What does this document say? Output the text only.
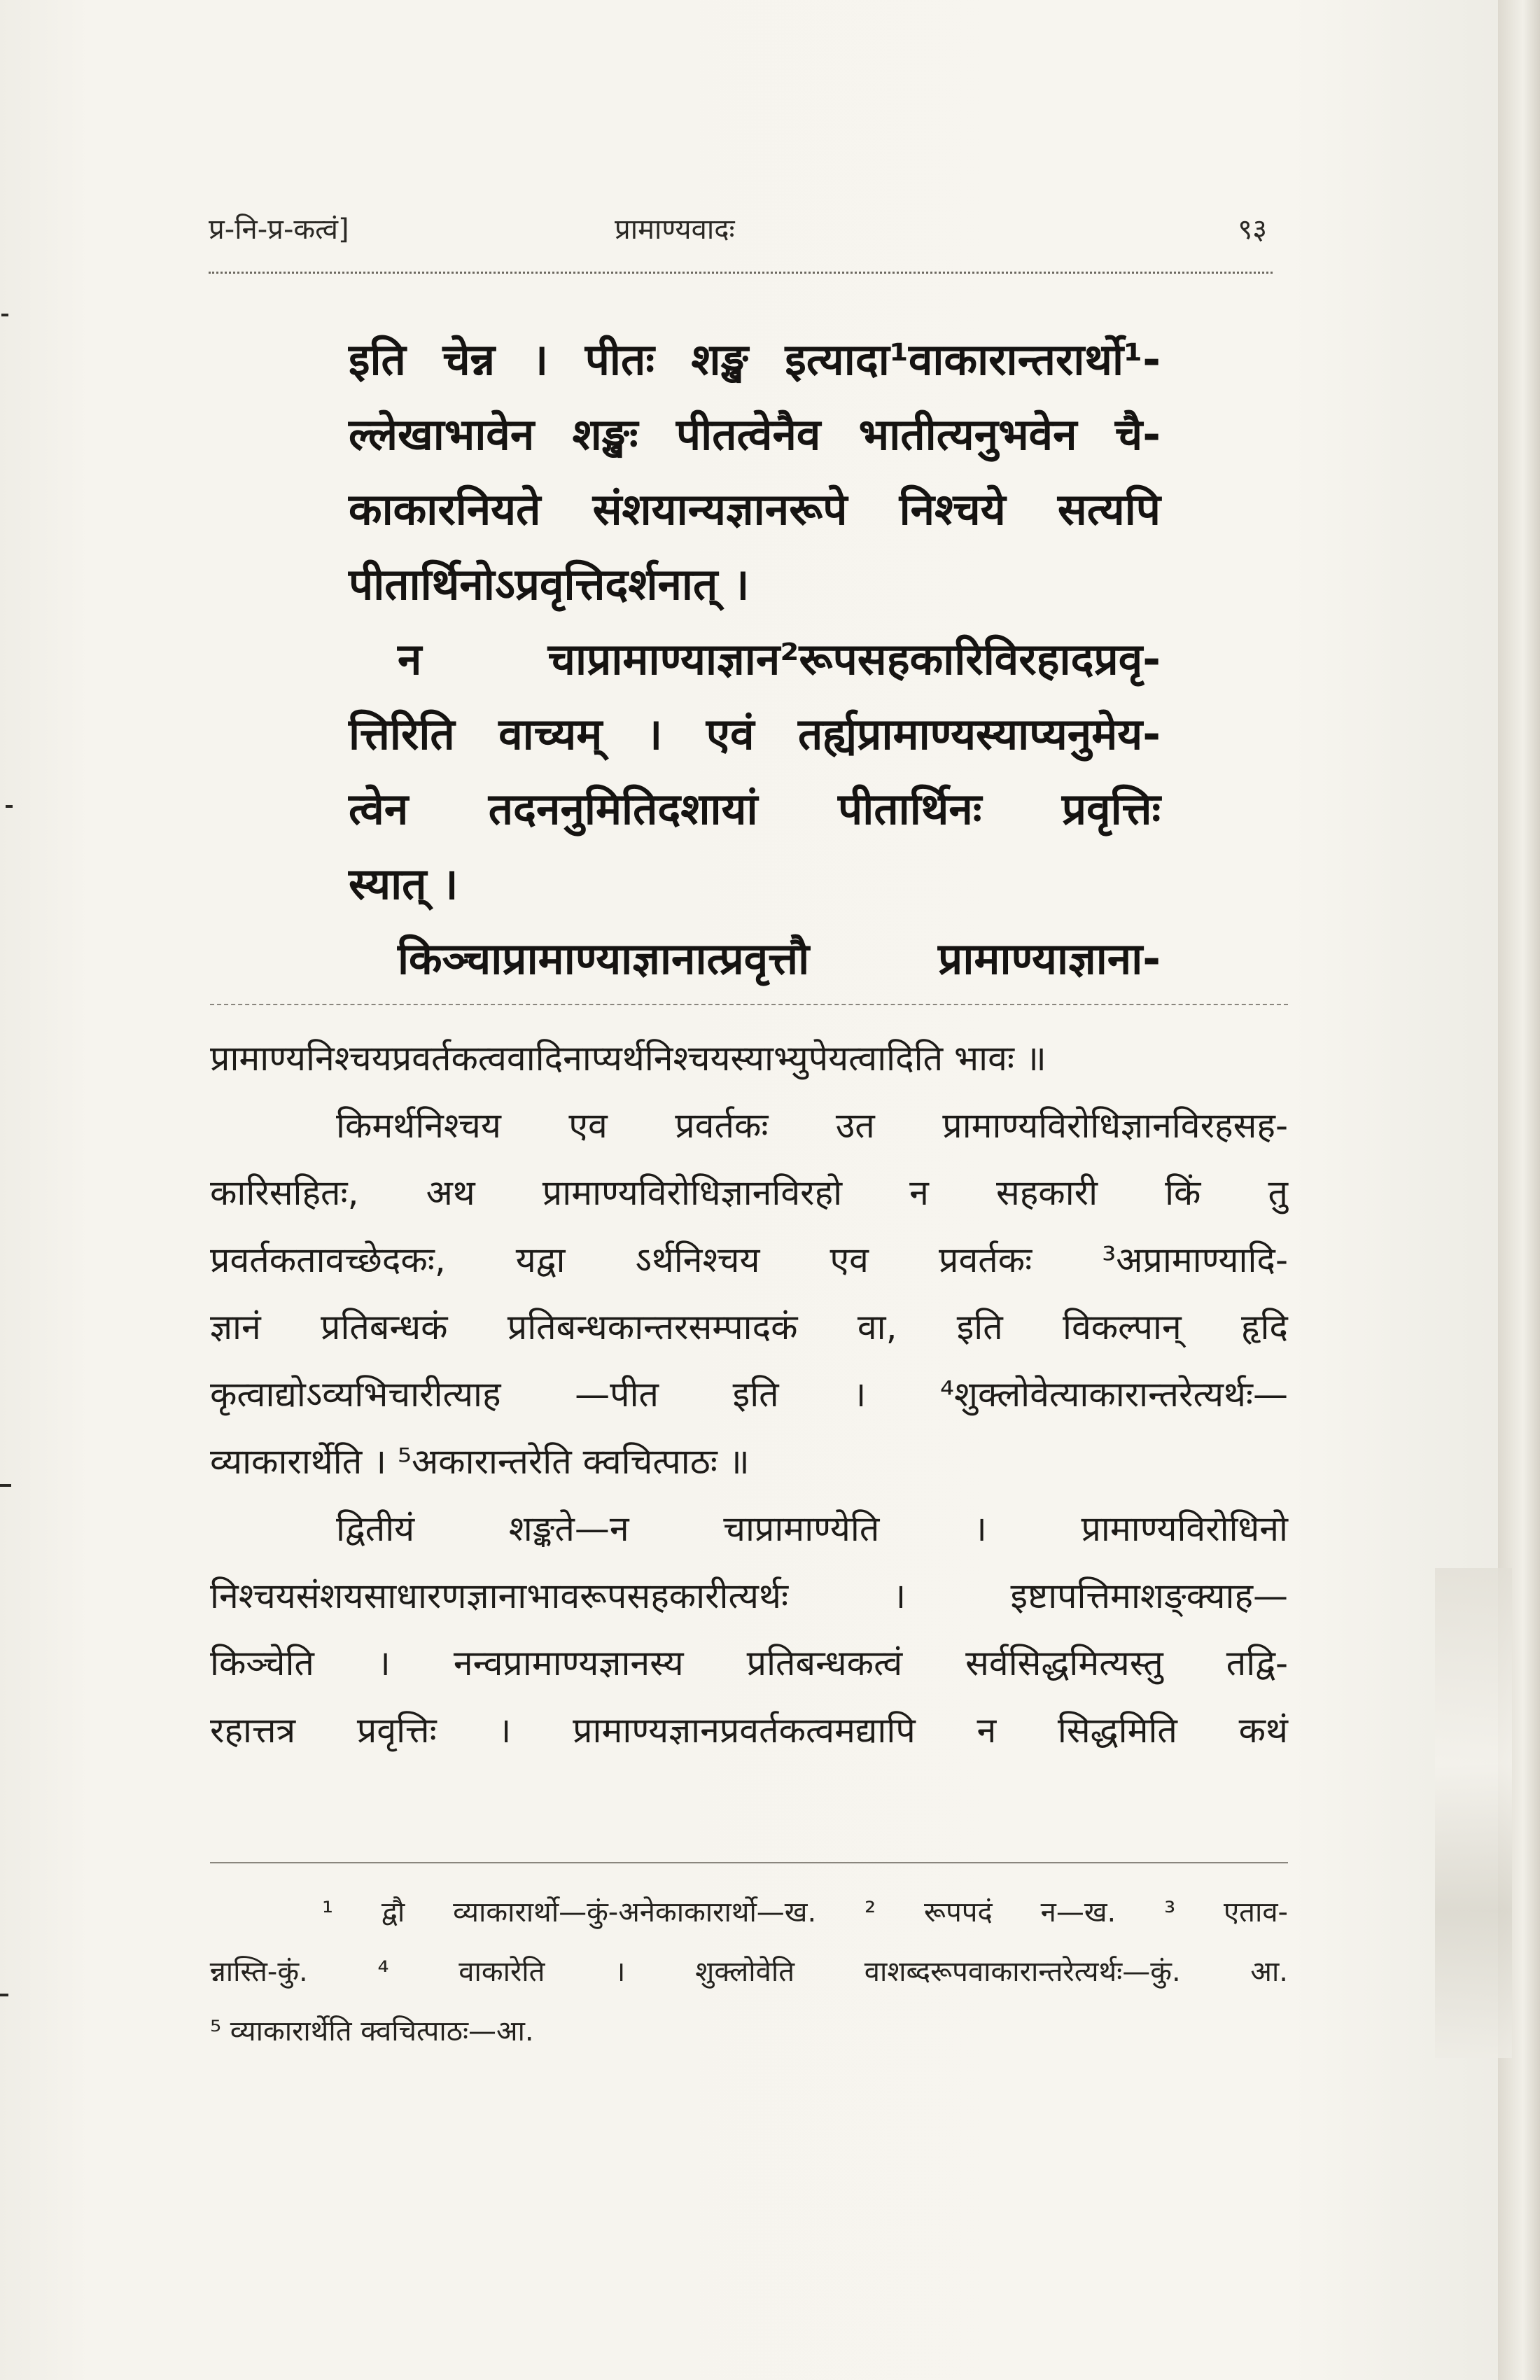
प्र-नि-प्र-कत्वं]	प्रामाण्यवादः	९३

इति चेन्न । पीतः शङ्ख इत्यादा¹वाकारान्तरार्थो¹-

ल्लेखाभावेन शङ्खः पीतत्वेनैव भातीत्यनुभवेन चै-

काकारनियते संशयान्यज्ञानरूपे निश्चये सत्यपि

पीतार्थिनोऽप्रवृत्तिदर्शनात् ।

न चाप्रामाण्याज्ञान²रूपसहकारिविरहादप्रवृ-

त्तिरिति वाच्यम् । एवं तर्ह्यप्रामाण्यस्याप्यनुमेय-

त्वेन तदननुमितिदशायां पीतार्थिनः प्रवृत्तिः

स्यात् ।

किञ्चाप्रामाण्याज्ञानात्प्रवृत्तौ प्रामाण्याज्ञाना-

प्रामाण्यनिश्चयप्रवर्तकत्ववादिनाप्यर्थनिश्चयस्याभ्युपेयत्वादिति भावः ॥

किमर्थनिश्चय एव प्रवर्तकः उत प्रामाण्यविरोधिज्ञानविरहसह-

कारिसहितः, अथ प्रामाण्यविरोधिज्ञानविरहो न सहकारी किं तु

प्रवर्तकतावच्छेदकः, यद्वा ऽर्थनिश्चय एव प्रवर्तकः ³अप्रामाण्यादि-

ज्ञानं प्रतिबन्धकं प्रतिबन्धकान्तरसम्पादकं वा, इति विकल्पान् हृदि

कृत्वाद्योऽव्यभिचारीत्याह —पीत इति । ⁴शुक्लोवेत्याकारान्तरेत्यर्थः—

व्याकारार्थेति । ⁵अकारान्तरेति क्वचित्पाठः ॥

द्वितीयं शङ्कते—न चाप्रामाण्येति । प्रामाण्यविरोधिनो

निश्चयसंशयसाधारणज्ञानाभावरूपसहकारीत्यर्थः । इष्टापत्तिमाशङ्क्याह—

किञ्चेति । नन्वप्रामाण्यज्ञानस्य प्रतिबन्धकत्वं सर्वसिद्धमित्यस्तु तद्वि-

रहात्तत्र प्रवृत्तिः । प्रामाण्यज्ञानप्रवर्तकत्वमद्यापि न सिद्धमिति कथं

¹ द्वौ व्याकारार्थो—कुं-अनेकाकारार्थो—ख. ² रूपपदं न—ख. ³ एताव-

न्नास्ति-कुं. ⁴ वाकारेति । शुक्लोवेति वाशब्दरूपवाकारान्तरेत्यर्थः—कुं. आ.

⁵ व्याकारार्थेति क्वचित्पाठः—आ.
